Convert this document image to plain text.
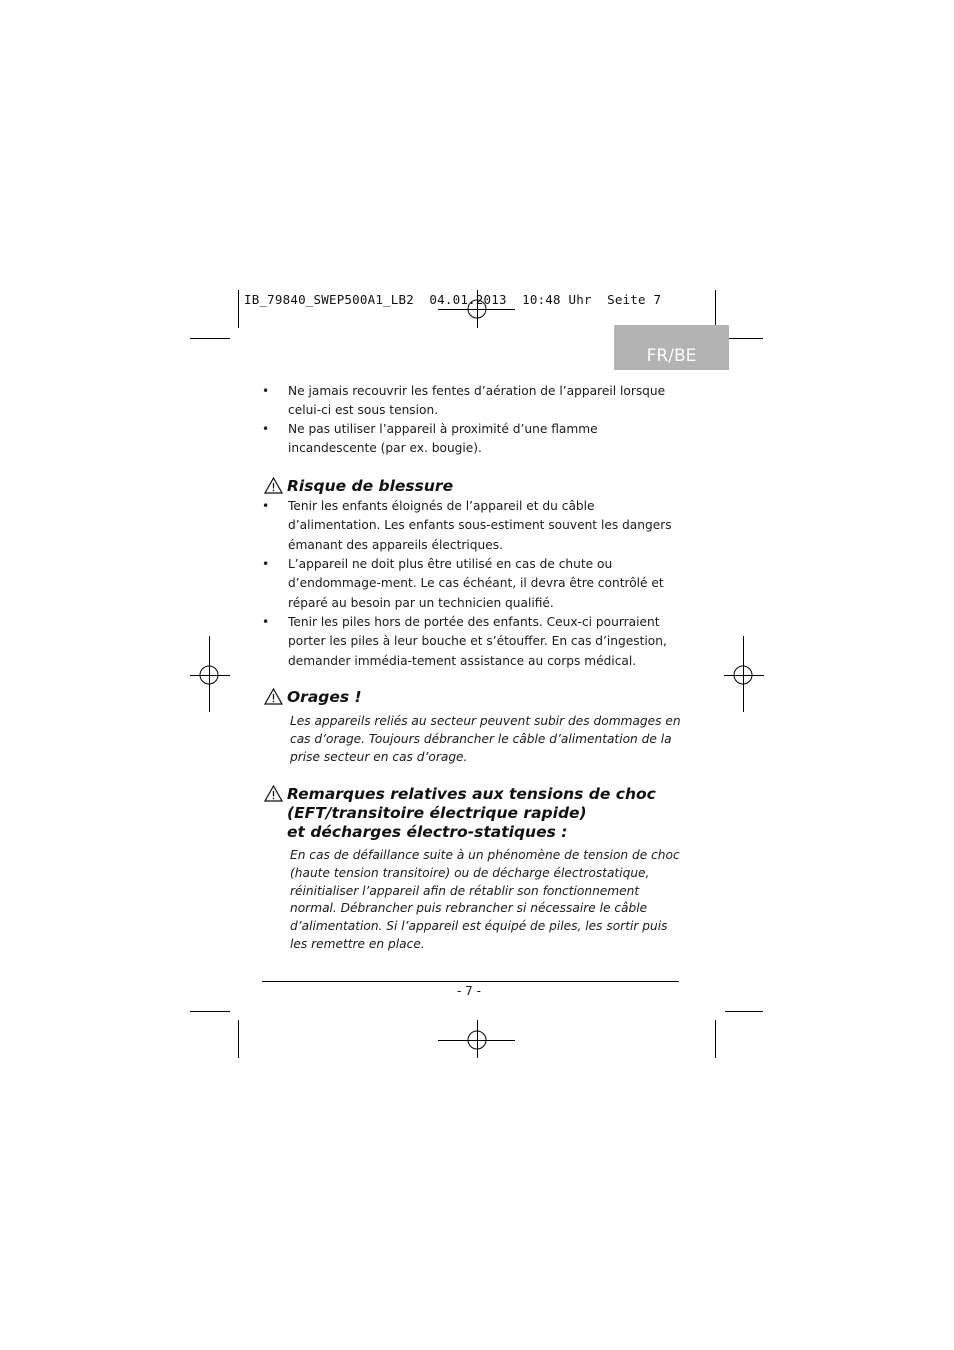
IB_79840_SWEP500A1_LB2  04.01.2013  10:48 Uhr  Seite 7
FR/BE
• Ne jamais recouvrir les fentes d’aération de l’appareil lorsque celui-ci est sous tension.
• Ne pas utiliser l’appareil à proximité d’une flamme incandescente (par ex. bougie).
Risque de blessure
• Tenir les enfants éloignés de l’appareil et du câble d’alimentation. Les enfants sous-estiment souvent les dangers émanant des appareils électriques.
• L’appareil ne doit plus être utilisé en cas de chute ou d’endommage-ment. Le cas échéant, il devra être contrôlé et réparé au besoin par un technicien qualifié.
• Tenir les piles hors de portée des enfants. Ceux-ci pourraient porter les piles à leur bouche et s’étouffer. En cas d’ingestion, demander immédia-tement assistance au corps médical.
Orages !
Les appareils reliés au secteur peuvent subir des dommages en cas d’orage. Toujours débrancher le câble d’alimentation de la prise secteur en cas d’orage.
Remarques relatives aux tensions de choc
(EFT/transitoire électrique rapide)
et décharges électro-statiques :
En cas de défaillance suite à un phénomène de tension de choc (haute tension transitoire) ou de décharge électrostatique, réinitialiser l’appareil afin de rétablir son fonctionnement normal. Débrancher puis rebrancher si nécessaire le câble d’alimentation. Si l’appareil est équipé de piles, les sortir puis les remettre en place.
- 7 -
